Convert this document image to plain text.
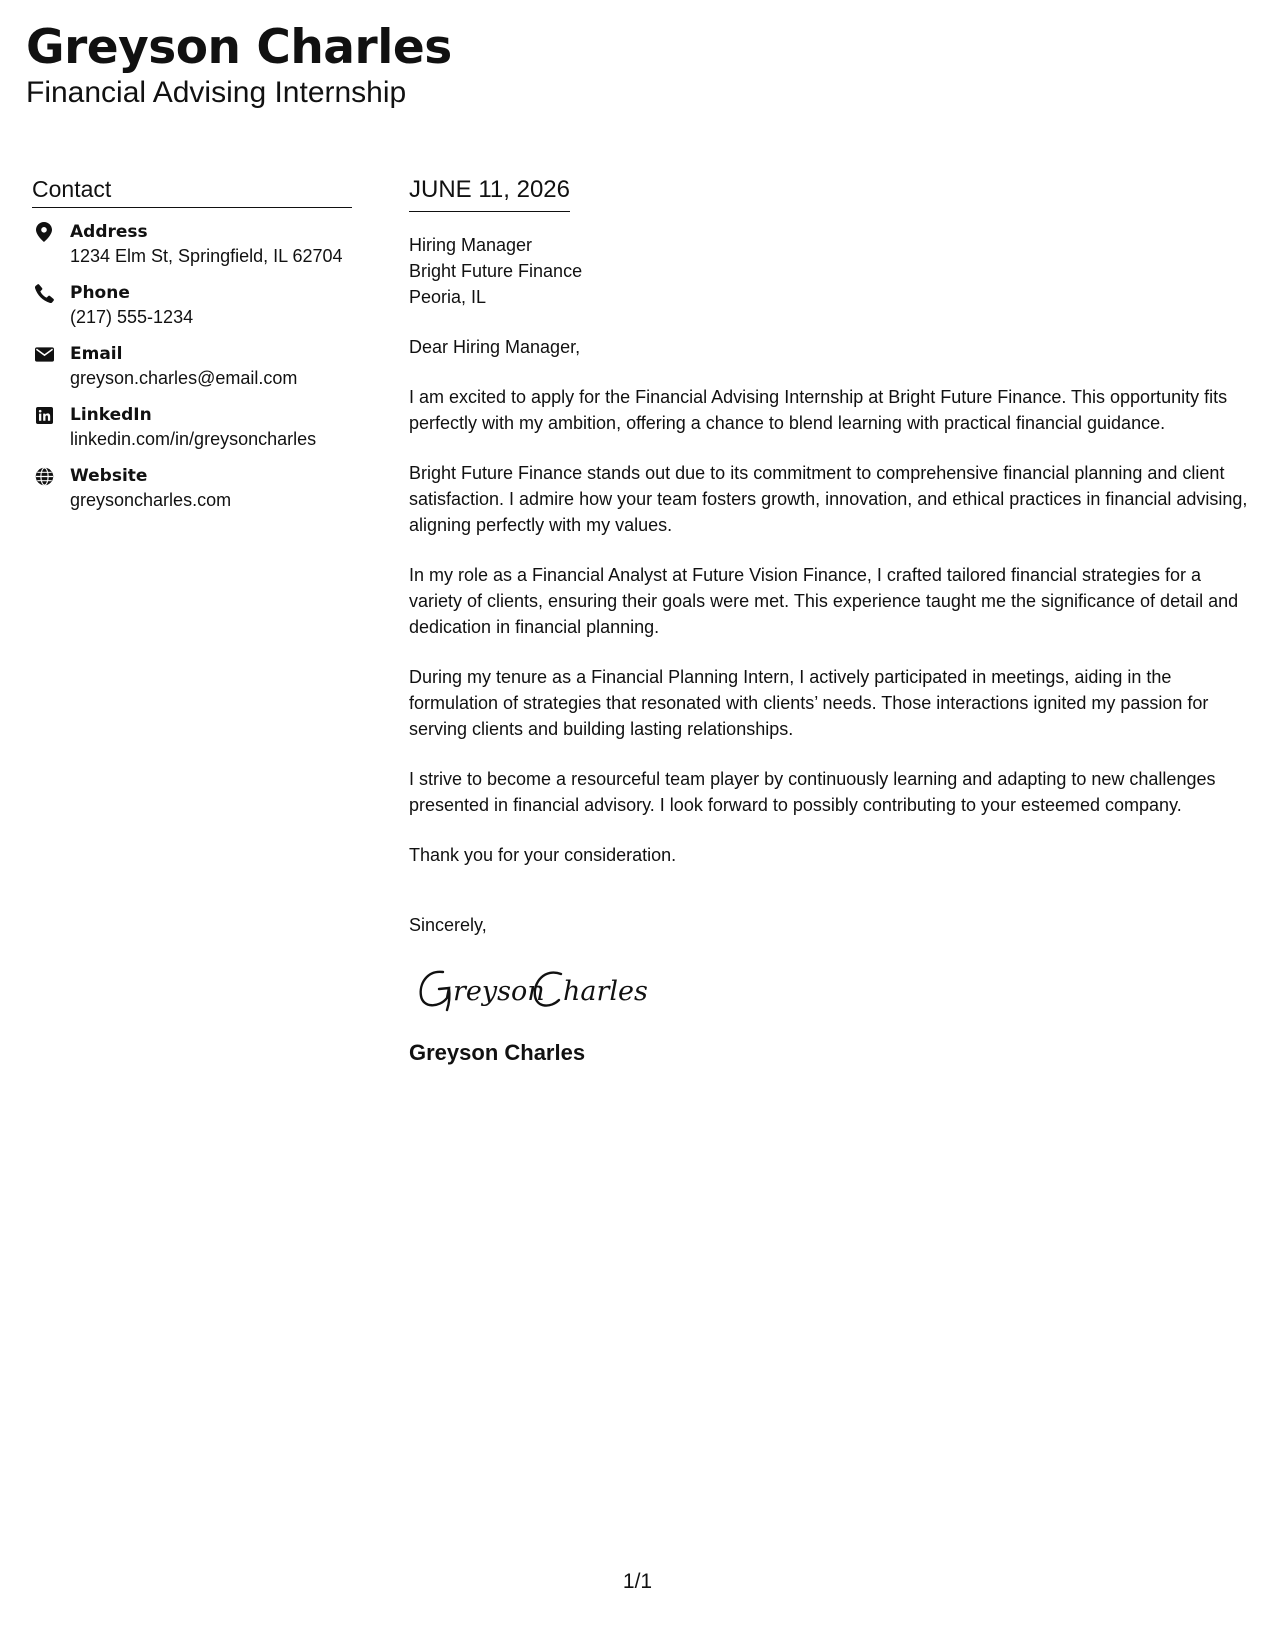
Greyson Charles
Financial Advising Internship
Contact
Address
1234 Elm St, Springfield, IL 62704
Phone
(217) 555-1234
Email
greyson.charles@email.com
LinkedIn
linkedin.com/in/greysoncharles
Website
greysoncharles.com
JUNE 11, 2026
Hiring Manager
Bright Future Finance
Peoria, IL

Dear Hiring Manager,

I am excited to apply for the Financial Advising Internship at Bright Future Finance. This opportunity fits perfectly with my ambition, offering a chance to blend learning with practical financial guidance.

Bright Future Finance stands out due to its commitment to comprehensive financial planning and client satisfaction. I admire how your team fosters growth, innovation, and ethical practices in financial advising, aligning perfectly with my values.

In my role as a Financial Analyst at Future Vision Finance, I crafted tailored financial strategies for a variety of clients, ensuring their goals were met. This experience taught me the significance of detail and dedication in financial planning.

During my tenure as a Financial Planning Intern, I actively participated in meetings, aiding in the formulation of strategies that resonated with clients’ needs. Those interactions ignited my passion for serving clients and building lasting relationships.

I strive to become a resourceful team player by continuously learning and adapting to new challenges presented in financial advisory. I look forward to possibly contributing to your esteemed company.

Thank you for your consideration.

Sincerely,
reyson harles
Greyson Charles
1/1
